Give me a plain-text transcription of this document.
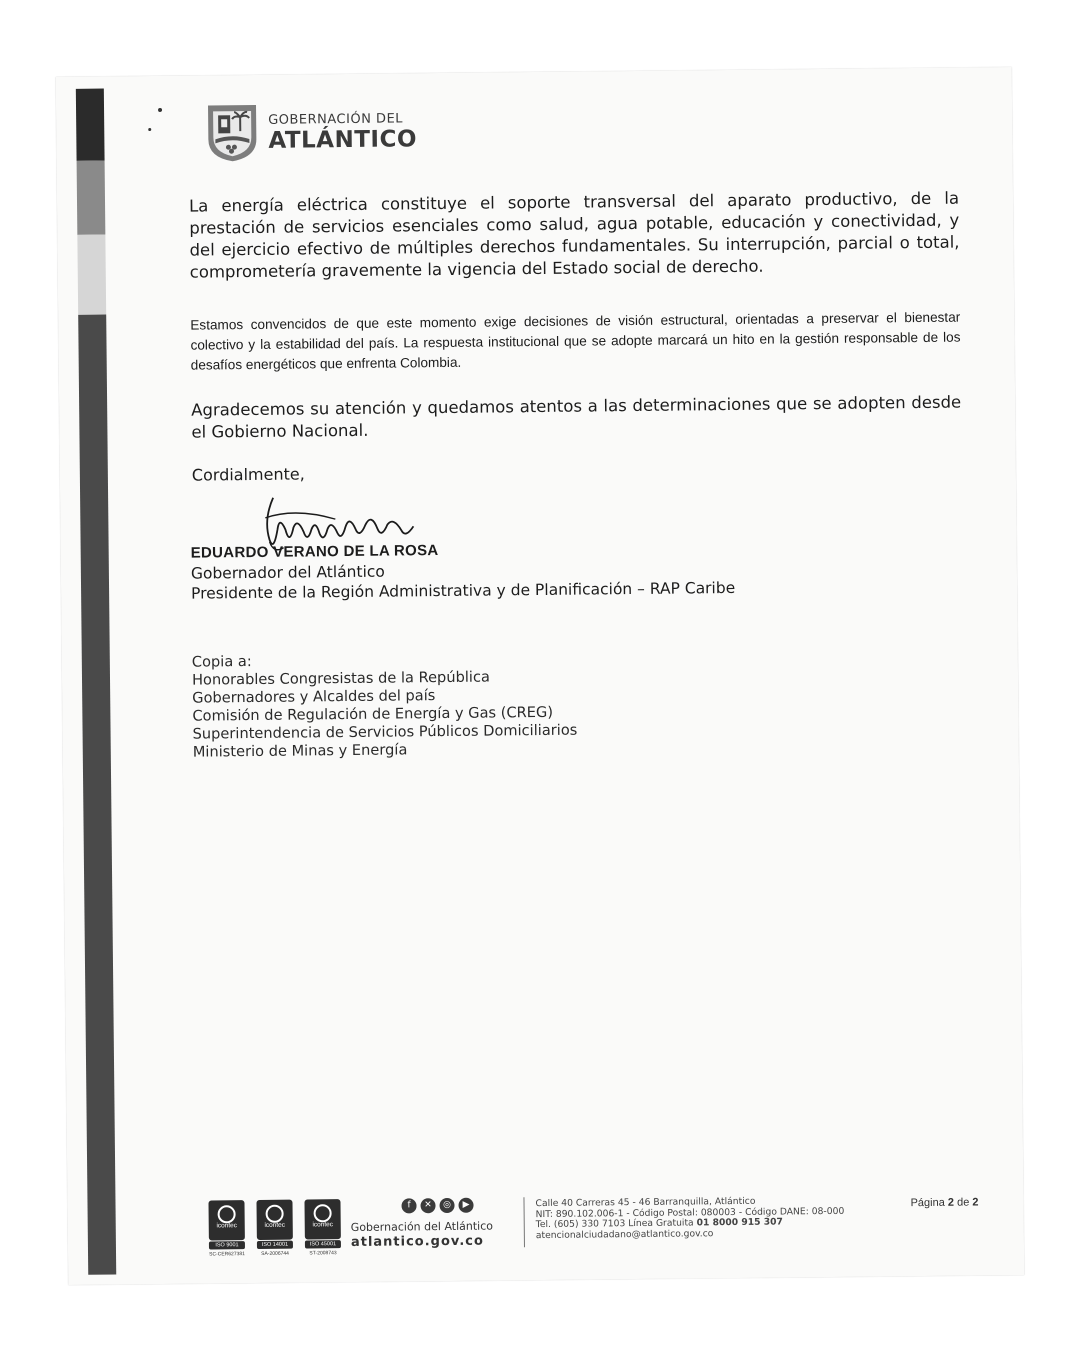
GOBERNACIÓN DEL
ATLÁNTICO
La energía eléctrica constituye el soporte transversal del aparato productivo, de la prestación de servicios esenciales como salud, agua potable, educación y conectividad, y del ejercicio efectivo de múltiples derechos fundamentales. Su interrupción, parcial o total, comprometería gravemente la vigencia del Estado social de derecho.
Estamos convencidos de que este momento exige decisiones de visión estructural, orientadas a preservar el bienestar colectivo y la estabilidad del país. La respuesta institucional que se adopte marcará un hito en la gestión responsable de los desafíos energéticos que enfrenta Colombia.
Agradecemos su atención y quedamos atentos a las determinaciones que se adopten desde el Gobierno Nacional.
Cordialmente,
EDUARDO VERANO DE LA ROSA
Gobernador del Atlántico
Presidente de la Región Administrativa y de Planificación – RAP Caribe
Copia a:
Honorables Congresistas de la República
Gobernadores y Alcaldes del país
Comisión de Regulación de Energía y Gas (CREG)
Superintendencia de Servicios Públicos Domiciliarios
Ministerio de Minas y Energía
icontec
ISO 9001
SC-CER627381
icontec
ISO 14001
SA-2006744
icontec
ISO 45001
ST-2008743
f	✕	◎	▶
Gobernación del Atlántico
atlantico.gov.co
Calle 40 Carreras 45 - 46 Barranquilla, Atlántico
NIT: 890.102.006-1 - Código Postal: 080003 - Código DANE: 08-000
Tel. (605) 330 7103 Línea Gratuita 01 8000 915 307
atencionalciudadano@atlantico.gov.co
Página 2 de 2
